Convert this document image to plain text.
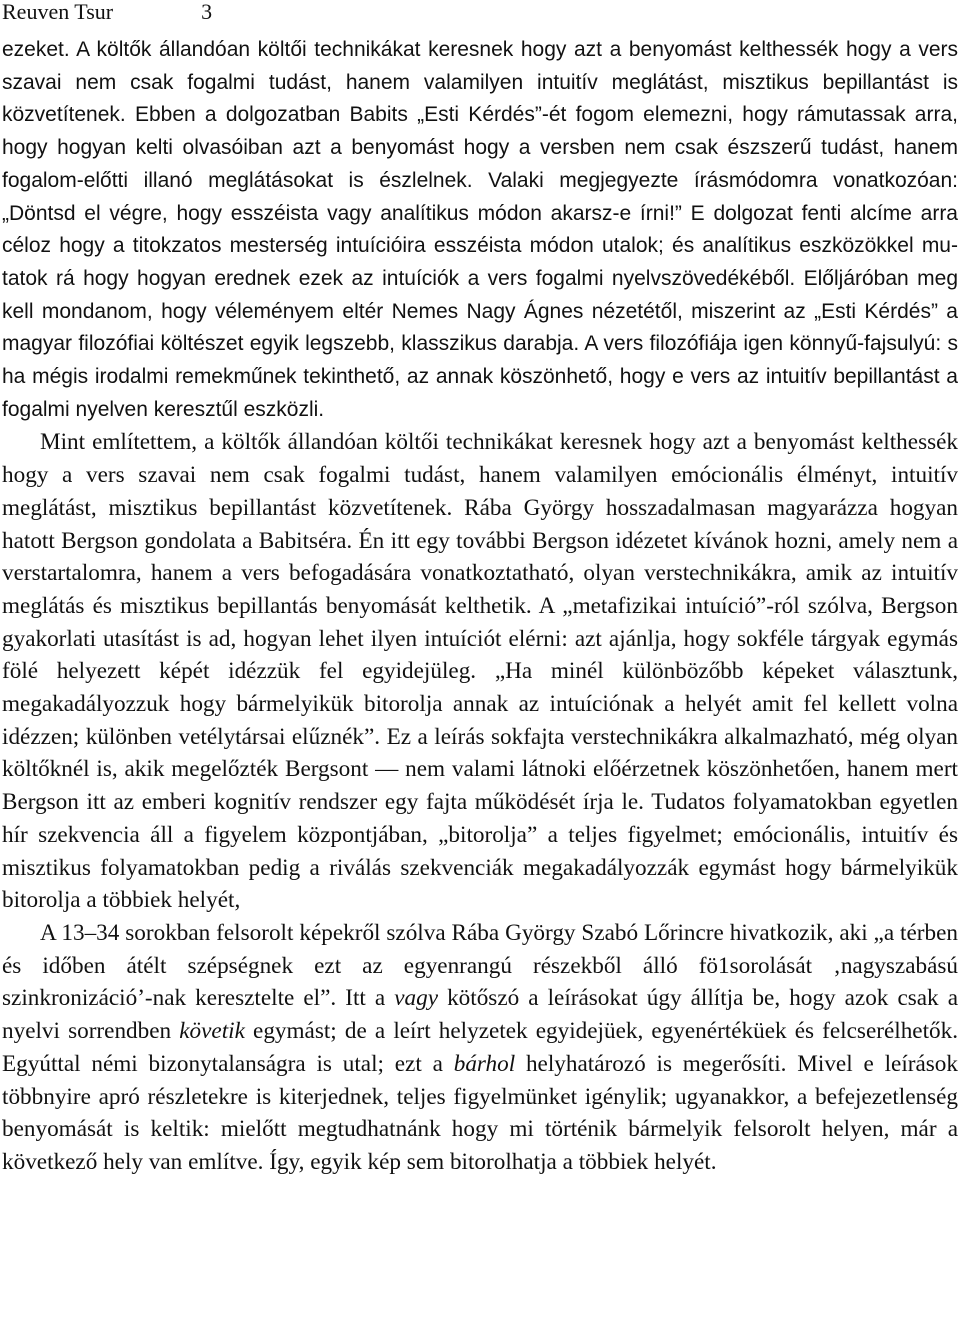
Reuven Tsur	3

ezeket. A költők állandóan költői technikákat keresnek hogy azt a benyomást kelthessék hogy a vers szavai nem csak fogalmi tudást, hanem valamilyen intuitív meglátást, misztikus bepillantást is közvetítenek. Ebben a dolgozatban Babits „Esti Kérdés”-ét fogom elemezni, hogy rámutassak arra, hogy hogyan kelti olvasóiban azt a benyomást hogy a versben nem csak észszerű tudást, hanem fogalom-előtti illanó meglátásokat is észlelnek. Valaki megjegyezte írásmódomra vonatkozóan: „Döntsd el végre, hogy esszéista vagy analítikus módon akarsz-e írni!” E dolgozat fenti alcíme arra céloz hogy a titokzatos mesterség intuícióira esszéista módon utalok; és analítikus eszközökkel mutatok rá hogy hogyan erednek ezek az intuíciók a vers fogalmi nyelvszövedékéből. Előljáróban meg kell mondanom, hogy véleményem eltér Nemes Nagy Ágnes nézetétől, miszerint az „Esti Kérdés” a magyar filozófiai költészet egyik legszebb, klasszikus darabja. A vers filozófiája igen könnyű-fajsulyú: s ha mégis irodalmi remekműnek tekinthető, az annak köszönhető, hogy e vers az intuitív bepillantást a fogalmi nyelven keresztűl eszközli.

Mint említettem, a költők állandóan költői technikákat keresnek hogy azt a benyomást kelthessék hogy a vers szavai nem csak fogalmi tudást, hanem valamilyen emócionális élményt, intuitív meglátást, misztikus bepillantást közvetítenek. Rába György hosszadalmasan magyarázza hogyan hatott Bergson gondolata a Babitséra. Én itt egy további Bergson idézetet kívánok hozni, amely nem a verstartalomra, hanem a vers befogadására vonatkoztatható, olyan verstechnikákra, amik az intuitív meglátás és misztikus bepillantás benyomását kelthetik. A „metafizikai intuíció”-ról szólva, Bergson gyakorlati utasítást is ad, hogyan lehet ilyen intuíciót elérni: azt ajánlja, hogy sokféle tárgyak egymás fölé helyezett képét idézzük fel egyidejüleg. „Ha minél különbözőbb képeket választunk, megakadályozzuk hogy bármelyikük bitorolja annak az intuíciónak a helyét amit fel kellett volna idézzen; különben vetélytársai elűznék”. Ez a leírás sokfajta verstechnikákra alkalmazható, még olyan költőknél is, akik megelőzték Bergsont — nem valami látnoki előérzetnek köszönhetően, hanem mert Bergson itt az emberi kognitív rendszer egy fajta működését írja le. Tudatos folyamatokban egyetlen hír szekvencia áll a figyelem központjában, „bitorolja” a teljes figyelmet; emócionális, intuitív és misztikus folyamatokban pedig a riválás szekvenciák megakadályozzák egymást hogy bármelyikük bitorolja a többiek helyét,

A 13–34 sorokban felsorolt képekről szólva Rába György Szabó Lőrincre hivatkozik, aki „a térben és időben átélt szépségnek ezt az egyenrangú részekből álló fö1sorolását ‚nagyszabású szinkronizáció’-nak keresztelte el”. Itt a vagy kötőszó a leírásokat úgy állítja be, hogy azok csak a nyelvi sorrendben követik egymást; de a leírt helyzetek egyidejüek, egyenértéküek és felcserélhetők. Egyúttal némi bizonytalanságra is utal; ezt a bárhol helyhatározó is megerősíti. Mivel e leírások többnyire apró részletekre is kiterjednek, teljes figyelmünket igénylik; ugyanakkor, a befejezetlenség benyomását is keltik: mielőtt megtudhatnánk hogy mi történik bármelyik felsorolt helyen, már a következő hely van említve. Így, egyik kép sem bitorolhatja a többiek helyét.
